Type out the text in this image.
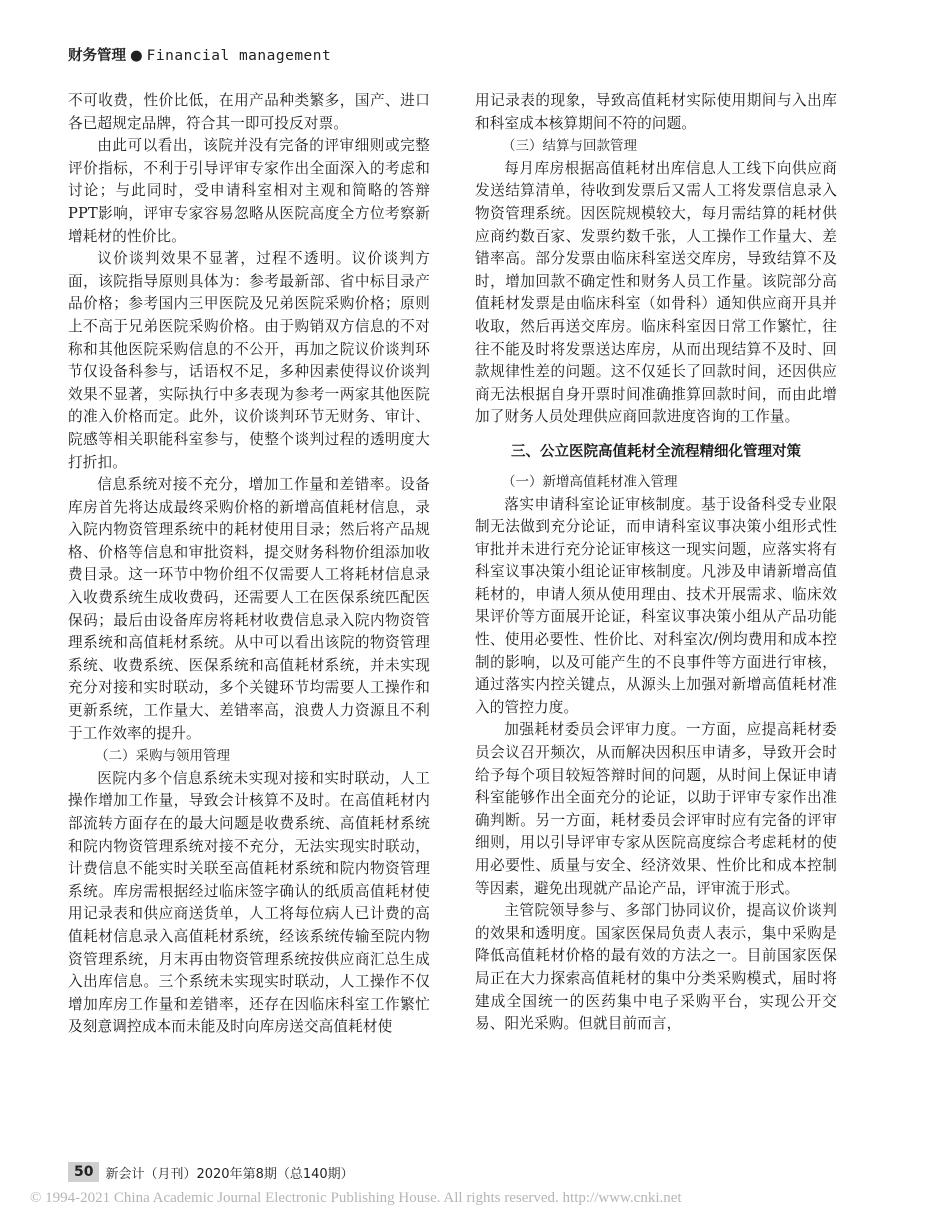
财务管理 ● Financial management

不可收费，性价比低，在用产品种类繁多，国产、进口各已超规定品牌，符合其一即可投反对票。

由此可以看出，该院并没有完备的评审细则或完整评价指标，不利于引导评审专家作出全面深入的考虑和讨论；与此同时，受申请科室相对主观和简略的答辩PPT影响，评审专家容易忽略从医院高度全方位考察新增耗材的性价比。

议价谈判效果不显著，过程不透明。议价谈判方面，该院指导原则具体为：参考最新部、省中标目录产品价格；参考国内三甲医院及兄弟医院采购价格；原则上不高于兄弟医院采购价格。由于购销双方信息的不对称和其他医院采购信息的不公开，再加之院议价谈判环节仅设备科参与，话语权不足，多种因素使得议价谈判效果不显著，实际执行中多表现为参考一两家其他医院的准入价格而定。此外，议价谈判环节无财务、审计、院感等相关职能科室参与，使整个谈判过程的透明度大打折扣。

信息系统对接不充分，增加工作量和差错率。设备库房首先将达成最终采购价格的新增高值耗材信息，录入院内物资管理系统中的耗材使用目录；然后将产品规格、价格等信息和审批资料，提交财务科物价组添加收费目录。这一环节中物价组不仅需要人工将耗材信息录入收费系统生成收费码，还需要人工在医保系统匹配医保码；最后由设备库房将耗材收费信息录入院内物资管理系统和高值耗材系统。从中可以看出该院的物资管理系统、收费系统、医保系统和高值耗材系统，并未实现充分对接和实时联动，多个关键环节均需要人工操作和更新系统，工作量大、差错率高，浪费人力资源且不利于工作效率的提升。

（二）采购与领用管理

医院内多个信息系统未实现对接和实时联动，人工操作增加工作量，导致会计核算不及时。在高值耗材内部流转方面存在的最大问题是收费系统、高值耗材系统和院内物资管理系统对接不充分，无法实现实时联动，计费信息不能实时关联至高值耗材系统和院内物资管理系统。库房需根据经过临床签字确认的纸质高值耗材使用记录表和供应商送货单，人工将每位病人已计费的高值耗材信息录入高值耗材系统，经该系统传输至院内物资管理系统，月末再由物资管理系统按供应商汇总生成入出库信息。三个系统未实现实时联动，人工操作不仅增加库房工作量和差错率，还存在因临床科室工作繁忙及刻意调控成本而未能及时向库房送交高值耗材使

用记录表的现象，导致高值耗材实际使用期间与入出库和科室成本核算期间不符的问题。

（三）结算与回款管理

每月库房根据高值耗材出库信息人工线下向供应商发送结算清单，待收到发票后又需人工将发票信息录入物资管理系统。因医院规模较大，每月需结算的耗材供应商约数百家、发票约数千张，人工操作工作量大、差错率高。部分发票由临床科室送交库房，导致结算不及时，增加回款不确定性和财务人员工作量。该院部分高值耗材发票是由临床科室（如骨科）通知供应商开具并收取，然后再送交库房。临床科室因日常工作繁忙，往往不能及时将发票送达库房，从而出现结算不及时、回款规律性差的问题。这不仅延长了回款时间，还因供应商无法根据自身开票时间准确推算回款时间，而由此增加了财务人员处理供应商回款进度咨询的工作量。

三、公立医院高值耗材全流程精细化管理对策
（一）新增高值耗材准入管理

落实申请科室论证审核制度。基于设备科受专业限制无法做到充分论证，而申请科室议事决策小组形式性审批并未进行充分论证审核这一现实问题，应落实将有科室议事决策小组论证审核制度。凡涉及申请新增高值耗材的，申请人须从使用理由、技术开展需求、临床效果评价等方面展开论证，科室议事决策小组从产品功能性、使用必要性、性价比、对科室次/例均费用和成本控制的影响，以及可能产生的不良事件等方面进行审核，通过落实内控关键点，从源头上加强对新增高值耗材准入的管控力度。

加强耗材委员会评审力度。一方面，应提高耗材委员会议召开频次，从而解决因积压申请多，导致开会时给予每个项目较短答辩时间的问题，从时间上保证申请科室能够作出全面充分的论证，以助于评审专家作出准确判断。另一方面，耗材委员会评审时应有完备的评审细则，用以引导评审专家从医院高度综合考虑耗材的使用必要性、质量与安全、经济效果、性价比和成本控制等因素，避免出现就产品论产品，评审流于形式。

主管院领导参与、多部门协同议价，提高议价谈判的效果和透明度。国家医保局负责人表示，集中采购是降低高值耗材价格的最有效的方法之一。目前国家医保局正在大力探索高值耗材的集中分类采购模式，届时将建成全国统一的医药集中电子采购平台，实现公开交易、阳光采购。但就目前而言，

50 新会计（月刊）2020年第8期（总140期）
© 1994-2021 China Academic Journal Electronic Publishing House. All rights reserved. http://www.cnki.net
